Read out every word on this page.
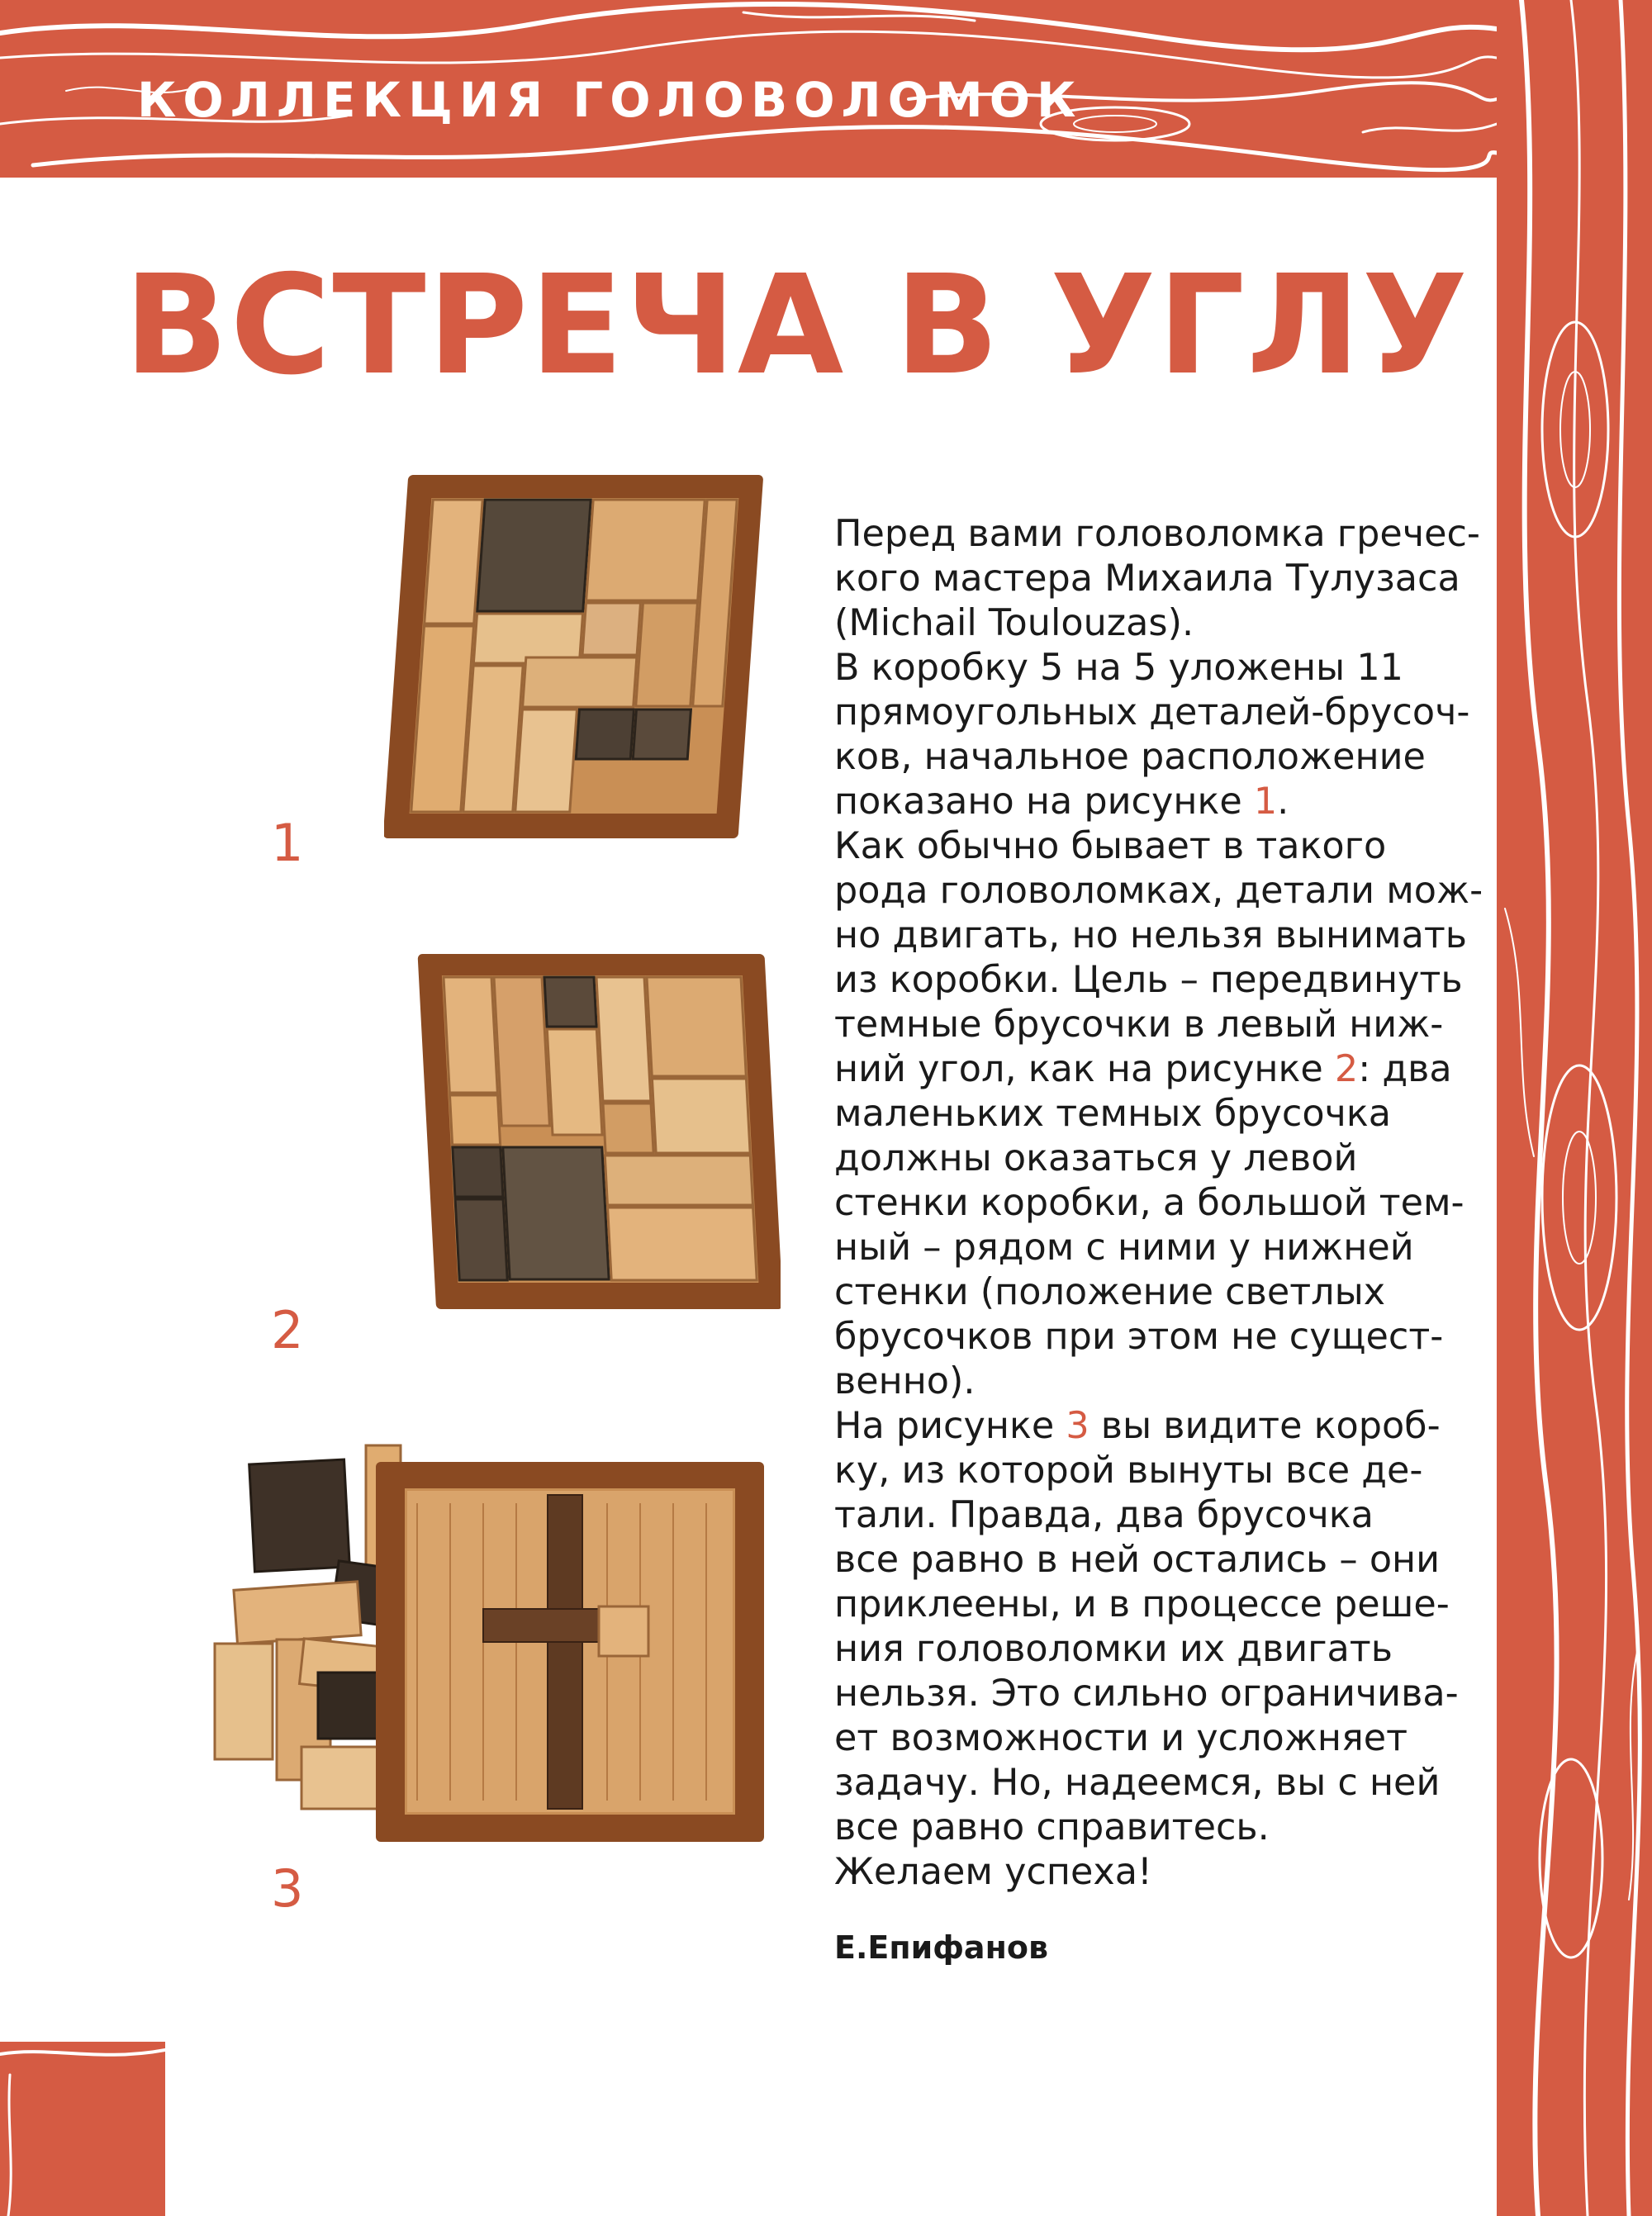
КОЛЛЕКЦИЯ ГОЛОВОЛОМОК
ВСТРЕЧА В УГЛУ
1
2
3
Перед вами головоломка гречес-
кого мастера Михаила Тулузаса
(Michail Toulouzas).
В коробку 5 на 5 уложены 11
прямоугольных деталей-брусоч-
ков, начальное расположение
показано на рисунке 1.
Как обычно бывает в такого
рода головоломках, детали мож-
но двигать, но нельзя вынимать
из коробки. Цель – передвинуть
темные брусочки в левый ниж-
ний угол, как на рисунке 2: два
маленьких темных брусочка
должны оказаться у левой
стенки коробки, а большой тем-
ный – рядом с ними у нижней
стенки (положение светлых
брусочков при этом не сущест-
венно).
На рисунке 3 вы видите короб-
ку, из которой вынуты все де-
тали. Правда, два брусочка
все равно в ней остались – они
приклеены, и в процессе реше-
ния головоломки их двигать
нельзя. Это сильно ограничива-
ет возможности и усложняет
задачу. Но, надеемся, вы с ней
все равно справитесь.
Желаем успеха!
Е.Епифанов
